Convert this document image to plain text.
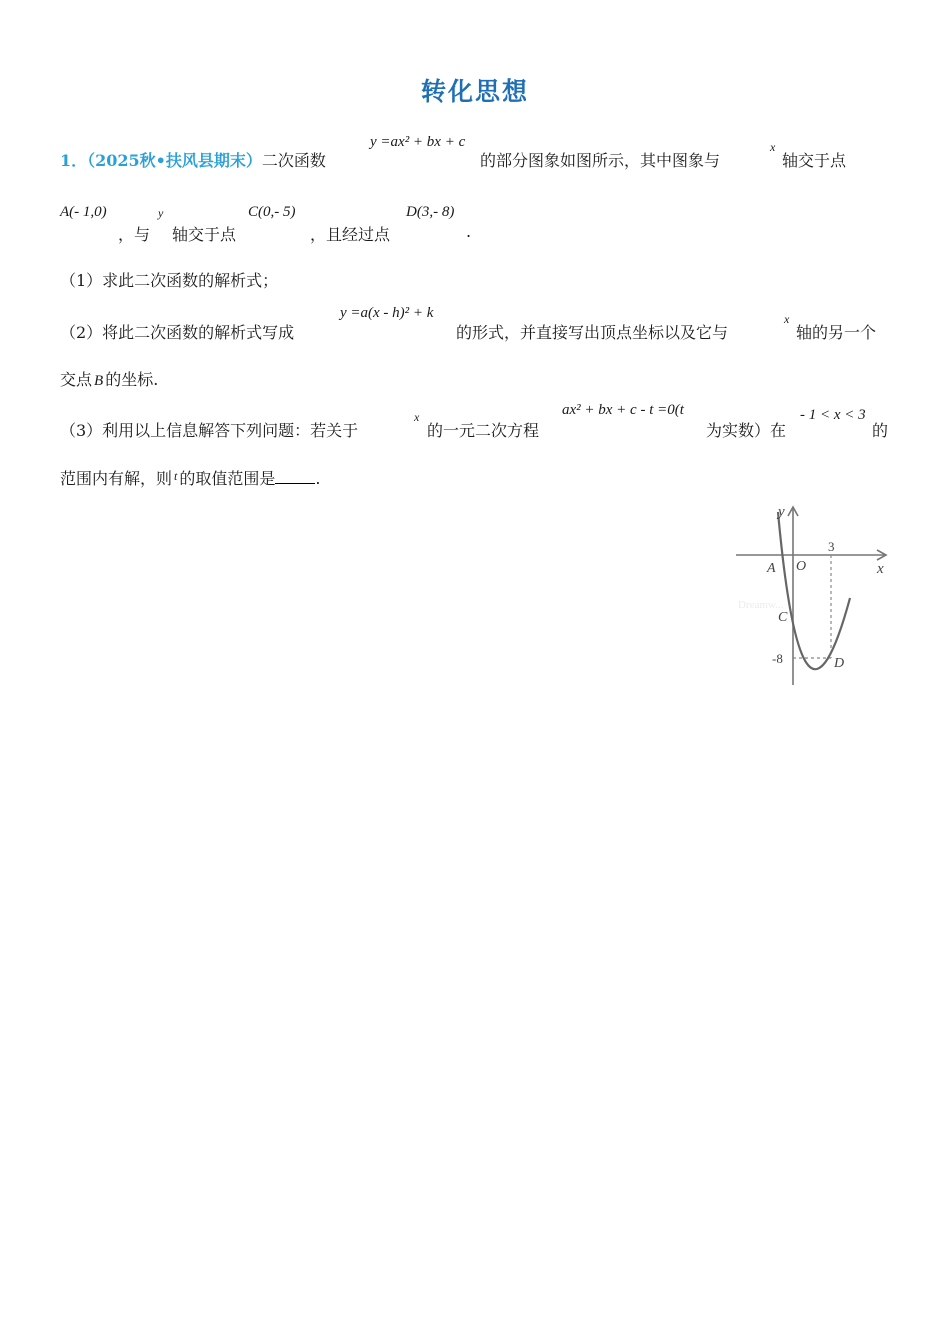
转化思想
1．（2025秋•扶风县期末）二次函数
y =ax² + bx + c
的部分图象如图所示，其中图象与
x
轴交于点
A(- 1,0)
，与
y
轴交于点
C(0,- 5)
，且经过点
D(3,- 8)
.
（1）求此二次函数的解析式；
（2）将此二次函数的解析式写成
y =a(x - h)² + k
的形式，并直接写出顶点坐标以及它与
x
轴的另一个
交点 B 的坐标.
（3）利用以上信息解答下列问题：若关于
x
的一元二次方程
ax² + bx + c - t =0(t
为实数）在
- 1 < x < 3
的
范围内有解，则 $^t$ 的取值范围是	.
y
x
O
A
C
D
3
-8
Dreamw...
